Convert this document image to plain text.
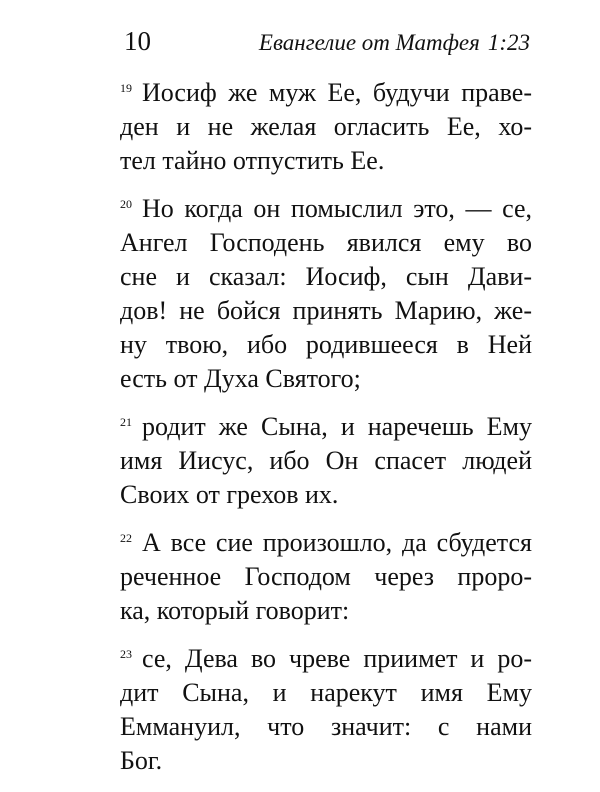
10	Евангелие от Матфея 1:23
19 Иосиф же муж Ее, будучи праве-
ден и не желая огласить Ее, хо-
тел тайно отпустить Ее.
20 Но когда он помыслил это, — се,
Ангел Господень явился ему во
сне и сказал: Иосиф, сын Дави-
дов! не бойся принять Марию, же-
ну твою, ибо родившееся в Ней
есть от Духа Святого;
21 родит же Сына, и наречешь Ему
имя Иисус, ибо Он спасет людей
Своих от грехов их.
22 А все сие произошло, да сбудется
реченное Господом через проро-
ка, который говорит:
23 се, Дева во чреве приимет и ро-
дит Сына, и нарекут имя Ему
Еммануил, что значит: с нами
Бог.
